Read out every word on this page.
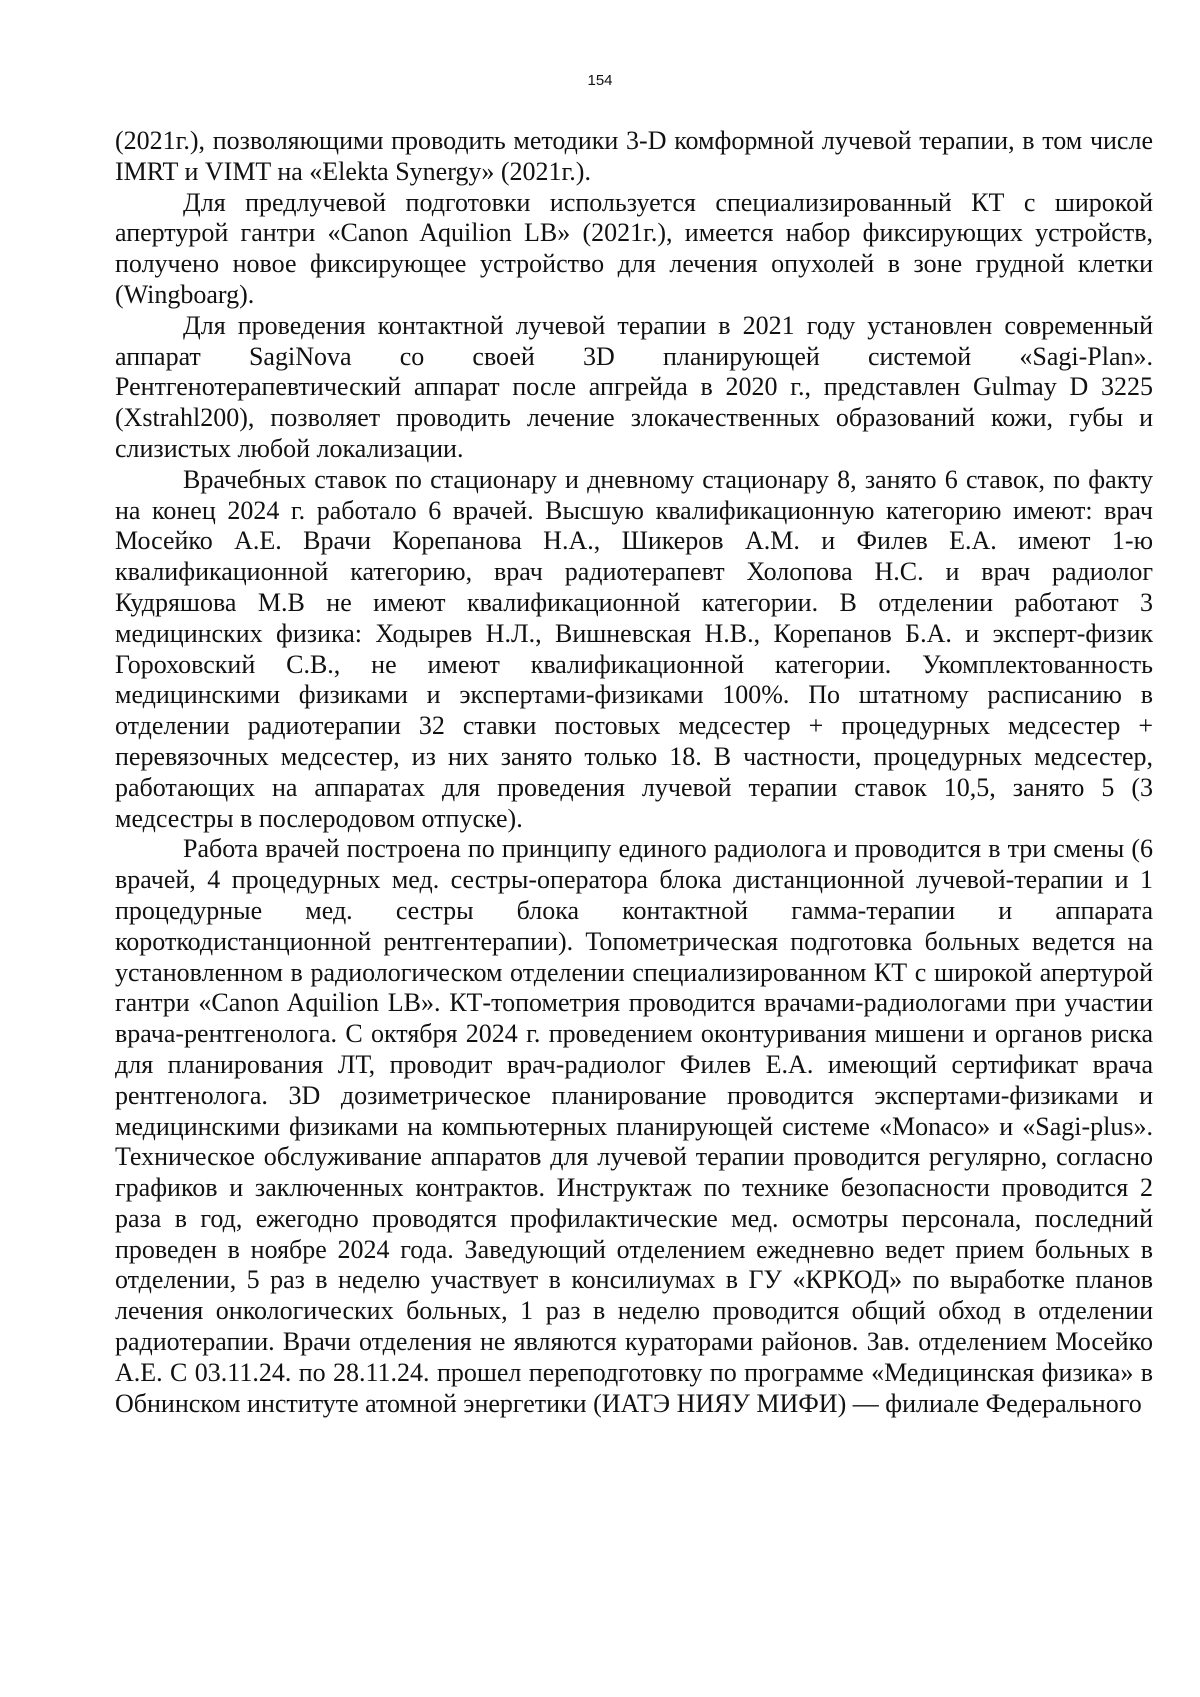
154

(2021г.), позволяющими проводить методики 3-D комформной лучевой терапии, в том числе IMRT и VIMT на «Elekta Synergy» (2021г.).

Для предлучевой подготовки используется специализированный КТ с широкой апертурой гантри «Canon Aquilion LB» (2021г.), имеется набор фиксирующих устройств, получено новое фиксирующее устройство для лечения опухолей в зоне грудной клетки (Wingboarg).

Для проведения контактной лучевой терапии в 2021 году установлен современный аппарат SagiNova со своей 3D планирующей системой «Sagi-Plan». Рентгенотерапевтический аппарат после апгрейда в 2020 г., представлен Gulmay D 3225 (Xstrahl200), позволяет проводить лечение злокачественных образований кожи, губы и слизистых любой локализации.

Врачебных ставок по стационару и дневному стационару 8, занято 6 ставок, по факту на конец 2024 г. работало 6 врачей. Высшую квалификационную категорию имеют: врач Мосейко А.Е. Врачи Корепанова Н.А., Шикеров А.М. и Филев Е.А. имеют 1-ю квалификационной категорию, врач радиотерапевт Холопова Н.С. и врач радиолог Кудряшова М.В не имеют квалификационной категории. В отделении работают 3 медицинских физика: Ходырев Н.Л., Вишневская Н.В., Корепанов Б.А. и эксперт-физик Гороховский С.В., не имеют квалификационной категории. Укомплектованность медицинскими физиками и экспертами-физиками 100%. По штатному расписанию в отделении радиотерапии 32 ставки постовых медсестер + процедурных медсестер + перевязочных медсестер, из них занято только 18. В частности, процедурных медсестер, работающих на аппаратах для проведения лучевой терапии ставок 10,5, занято 5 (3 медсестры в послеродовом отпуске).

Работа врачей построена по принципу единого радиолога и проводится в три смены (6 врачей, 4 процедурных мед. сестры-оператора блока дистанционной лучевой-терапии и 1 процедурные мед. сестры блока контактной гамма-терапии и аппарата короткодистанционной рентгентерапии). Топометрическая подготовка больных ведется на установленном в радиологическом отделении специализированном КТ с широкой апертурой гантри «Canon Aquilion LB». КТ-топометрия проводится врачами-радиологами при участии врача-рентгенолога. С октября 2024 г. проведением оконтуривания мишени и органов риска для планирования ЛТ, проводит врач-радиолог Филев Е.А. имеющий сертификат врача рентгенолога. 3D дозиметрическое планирование проводится экспертами-физиками и медицинскими физиками на компьютерных планирующей системе «Monaco» и «Sagi-plus». Техническое обслуживание аппаратов для лучевой терапии проводится регулярно, согласно графиков и заключенных контрактов. Инструктаж по технике безопасности проводится 2 раза в год, ежегодно проводятся профилактические мед. осмотры персонала, последний проведен в ноябре 2024 года. Заведующий отделением ежедневно ведет прием больных в отделении, 5 раз в неделю участвует в консилиумах в ГУ «КРКОД» по выработке планов лечения онкологических больных, 1 раз в неделю проводится общий обход в отделении радиотерапии. Врачи отделения не являются кураторами районов. Зав. отделением Мосейко А.Е. С 03.11.24. по 28.11.24. прошел переподготовку по программе «Медицинская физика» в Обнинском институте атомной энергетики (ИАТЭ НИЯУ МИФИ) — филиале Федерального
